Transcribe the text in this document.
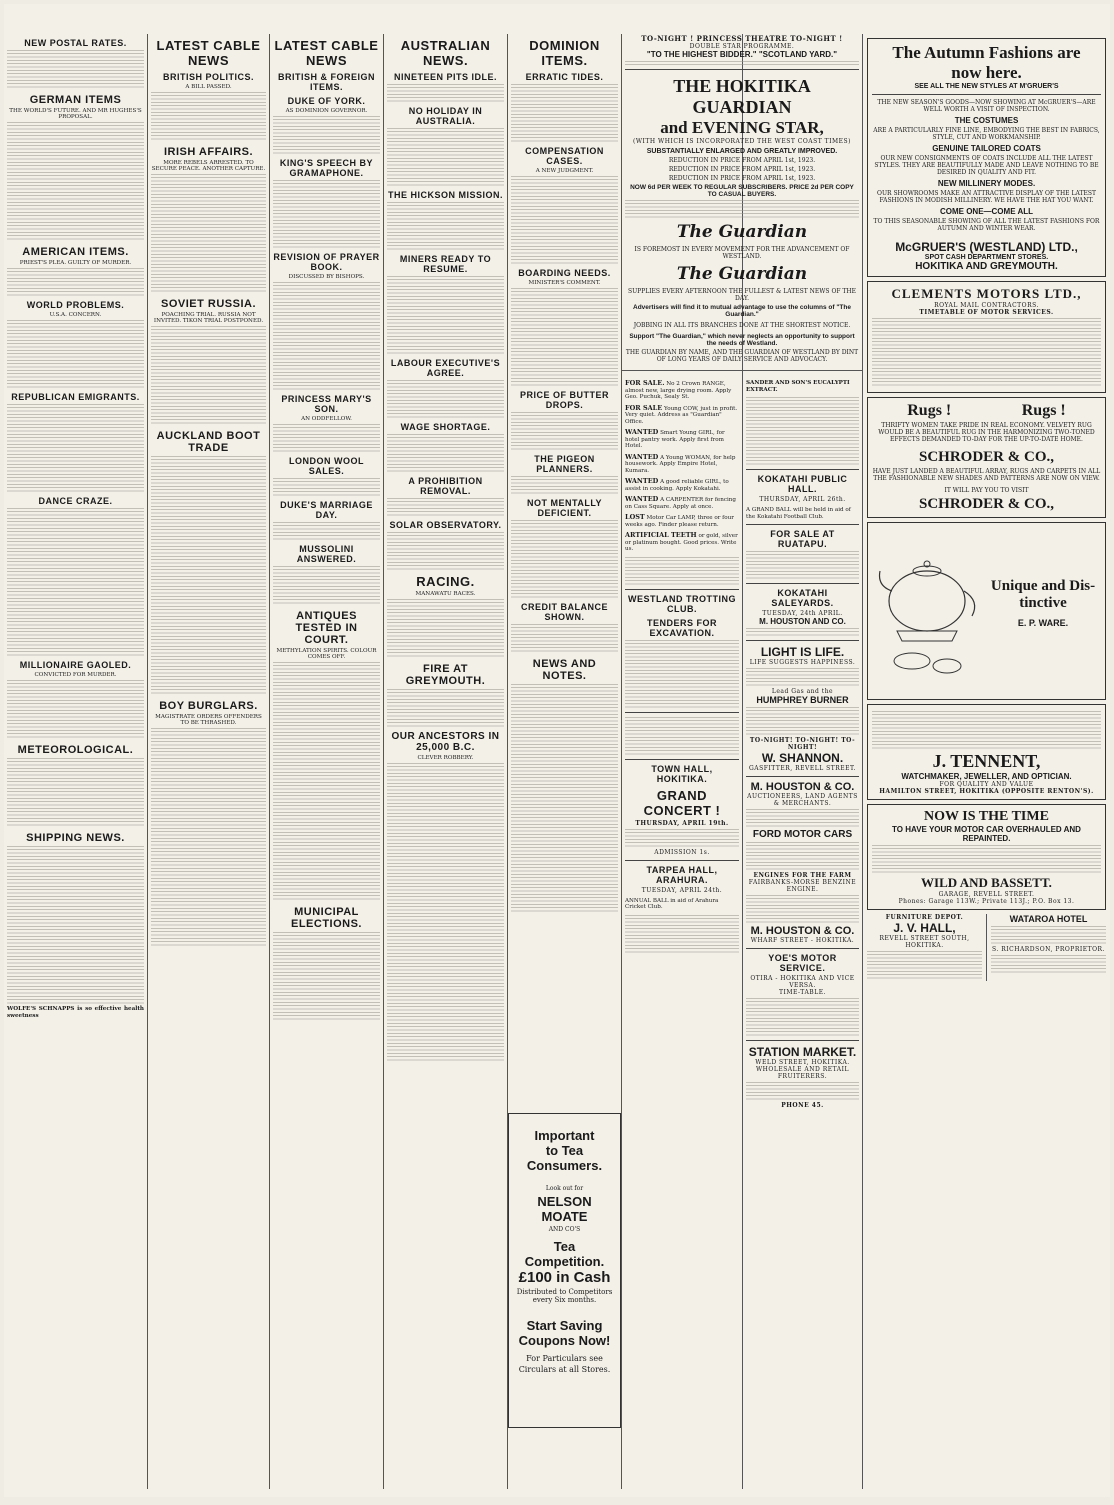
NEW POSTAL RATES.
GERMAN ITEMS
THE WORLD'S FUTURE. AND MR HUGHES'S PROPOSAL.
AMERICAN ITEMS.
PRIEST'S PLEA. GUILTY OF MURDER.
WORLD PROBLEMS.
U.S.A. CONCERN.
REPUBLICAN EMIGRANTS.
DANCE CRAZE.
MILLIONAIRE GAOLED.
CONVICTED FOR MURDER.
METEOROLOGICAL.
SHIPPING NEWS.
WOLFE'S SCHNAPPS is so effective health sweetness
LATEST CABLE NEWS
BRITISH POLITICS.
A BILL PASSED.
IRISH AFFAIRS.
MORE REBELS ARRESTED. TO SECURE PEACE. ANOTHER CAPTURE.
SOVIET RUSSIA.
POACHING TRIAL. RUSSIA NOT INVITED. TIKON TRIAL POSTPONED.
AUCKLAND BOOT TRADE
BOY BURGLARS.
MAGISTRATE ORDERS OFFENDERS TO BE THRASHED.
LATEST CABLE NEWS
BRITISH & FOREIGN ITEMS.
DUKE OF YORK.
AS DOMINION GOVERNOR.
KING'S SPEECH BY GRAMAPHONE.
REVISION OF PRAYER BOOK.
DISCUSSED BY BISHOPS.
PRINCESS MARY'S SON.
AN ODDFELLOW.
LONDON WOOL SALES.
DUKE'S MARRIAGE DAY.
MUSSOLINI ANSWERED.
ANTIQUES TESTED IN COURT.
METHYLATION SPIRITS. COLOUR COMES OFF.
MUNICIPAL ELECTIONS.
AUSTRALIAN NEWS.
NINETEEN PITS IDLE.
NO HOLIDAY IN AUSTRALIA.
THE HICKSON MISSION.
MINERS READY TO RESUME.
LABOUR EXECUTIVE'S AGREE.
WAGE SHORTAGE.
A PROHIBITION REMOVAL.
SOLAR OBSERVATORY.
RACING.
MANAWATU RACES.
FIRE AT GREYMOUTH.
OUR ANCESTORS IN 25,000 B.C.
CLEVER ROBBERY.
DOMINION ITEMS.
ERRATIC TIDES.
COMPENSATION CASES.
A NEW JUDGMENT.
BOARDING NEEDS.
MINISTER'S COMMENT.
PRICE OF BUTTER DROPS.
THE PIGEON PLANNERS.
NOT MENTALLY DEFICIENT.
CREDIT BALANCE SHOWN.
NEWS AND NOTES.
Important
to Tea
Consumers.
Look out for
NELSON MOATE
AND CO'S
Tea Competition.
£100 in Cash
Distributed to Competitors every Six months.
Start Saving
Coupons Now!
For Particulars see
Circulars at all Stores.
TO-NIGHT ! PRINCESS THEATRE TO-NIGHT !
DOUBLE STAR PROGRAMME.
"TO THE HIGHEST BIDDER." "SCOTLAND YARD."
THE HOKITIKA GUARDIAN
and EVENING STAR,
(WITH WHICH IS INCORPORATED THE WEST COAST TIMES)
SUBSTANTIALLY ENLARGED AND GREATLY IMPROVED.
REDUCTION IN PRICE FROM APRIL 1st, 1923.
REDUCTION IN PRICE FROM APRIL 1st, 1923.
REDUCTION IN PRICE FROM APRIL 1st, 1923.
NOW 6d PER WEEK TO REGULAR SUBSCRIBERS. PRICE 2d PER COPY TO CASUAL BUYERS.
The Guardian
IS FOREMOST IN EVERY MOVEMENT FOR THE ADVANCEMENT OF WESTLAND.
The Guardian
SUPPLIES EVERY AFTERNOON THE FULLEST & LATEST NEWS OF THE DAY.
Advertisers will find it to mutual advantage to use the columns of "The Guardian."
JOBBING IN ALL ITS BRANCHES DONE AT THE SHORTEST NOTICE.
Support "The Guardian," which never neglects an opportunity to support the needs of Westland.
THE GUARDIAN BY NAME, AND THE GUARDIAN OF WESTLAND BY DINT OF LONG YEARS OF DAILY SERVICE AND ADVOCACY.
FOR SALE. No 2 Crown RANGE, almost new, large drying room. Apply Geo. Puchuk, Sealy St.
FOR SALE Young COW, just in profit. Very quiet. Address as "Guardian" Office.
WANTED Smart Young GIRL, for hotel pantry work. Apply first from Hotel.
WANTED A Young WOMAN, for help housework. Apply Empire Hotel, Kumara.
WANTED A good reliable GIRL, to assist in cooking. Apply Kokatahi.
WANTED A CARPENTER for fencing on Cass Square. Apply at once.
LOST Motor Car LAMP, three or four weeks ago. Finder please return.
ARTIFICIAL TEETH or gold, silver or platinum bought. Good prices. Write us.
WESTLAND TROTTING CLUB.
TENDERS FOR EXCAVATION.
TOWN HALL, HOKITIKA.
GRAND CONCERT !
THURSDAY, APRIL 19th.
ADMISSION 1s.
TARPEA HALL, ARAHURA.
TUESDAY, APRIL 24th.
ANNUAL BALL in aid of Arahura Cricket Club.
SANDER AND SON'S EUCALYPTI EXTRACT.
KOKATAHI PUBLIC HALL.
THURSDAY, APRIL 26th.
A GRAND BALL will be held in aid of the Kokatahi Football Club.
FOR SALE AT RUATAPU.
KOKATAHI SALEYARDS.
TUESDAY, 24th APRIL.
M. HOUSTON AND CO.
LIGHT IS LIFE.
LIFE SUGGESTS HAPPINESS.
Lead Gas and the
HUMPHREY BURNER
TO-NIGHT! TO-NIGHT! TO-NIGHT!
W. SHANNON.
GASFITTER, REVELL STREET.
M. HOUSTON & CO.
AUCTIONEERS, LAND AGENTS & MERCHANTS.
FORD MOTOR CARS
ENGINES FOR THE FARM
FAIRBANKS-MORSE BENZINE ENGINE.
M. HOUSTON & CO.
WHARF STREET - HOKITIKA.
YOE'S MOTOR SERVICE.
OTIRA - HOKITIKA AND VICE VERSA.
TIME-TABLE.
STATION MARKET.
WELD STREET, HOKITIKA.
WHOLESALE AND RETAIL FRUITERERS.
PHONE 45.
The Autumn Fashions are
now here.
SEE ALL THE NEW STYLES AT M'GRUER'S
THE NEW SEASON'S GOODS—NOW SHOWING AT McGRUER'S—ARE WELL WORTH A VISIT OF INSPECTION.
THE COSTUMES
ARE A PARTICULARLY FINE LINE, EMBODYING THE BEST IN FABRICS, STYLE, CUT AND WORKMANSHIP.
GENUINE TAILORED COATS
OUR NEW CONSIGNMENTS OF COATS INCLUDE ALL THE LATEST STYLES. THEY ARE BEAUTIFULLY MADE AND LEAVE NOTHING TO BE DESIRED IN QUALITY AND FIT.
NEW MILLINERY MODES.
OUR SHOWROOMS MAKE AN ATTRACTIVE DISPLAY OF THE LATEST FASHIONS IN MODISH MILLINERY. WE HAVE THE HAT YOU WANT.
COME ONE—COME ALL
TO THIS SEASONABLE SHOWING OF ALL THE LATEST FASHIONS FOR AUTUMN AND WINTER WEAR.
McGRUER'S (WESTLAND) LTD.,
SPOT CASH DEPARTMENT STORES.
HOKITIKA AND GREYMOUTH.
CLEMENTS MOTORS LTD.,
ROYAL MAIL CONTRACTORS.
TIMETABLE OF MOTOR SERVICES.
Rugs !	Rugs !
THRIFTY WOMEN TAKE PRIDE IN REAL ECONOMY. VELVETY RUG WOULD BE A BEAUTIFUL RUG IN THE HARMONIZING TWO-TONED EFFECTS DEMANDED TO-DAY FOR THE UP-TO-DATE HOME.
SCHRODER & CO.,
HAVE JUST LANDED A BEAUTIFUL ARRAY, RUGS AND CARPETS IN ALL THE FASHIONABLE NEW SHADES AND PATTERNS ARE NOW ON VIEW.
IT WILL PAY YOU TO VISIT
SCHRODER & CO.,
Unique and Dis-
tinctive
E. P. WARE.
J. TENNENT,
WATCHMAKER, JEWELLER, AND OPTICIAN.
FOR QUALITY AND VALUE
HAMILTON STREET, HOKITIKA (OPPOSITE RENTON'S).
NOW IS THE TIME
TO HAVE YOUR MOTOR CAR OVERHAULED AND REPAINTED.
WILD AND BASSETT.
GARAGE, REVELL STREET.
Phones: Garage 113W.; Private 113J.; P.O. Box 13.
FURNITURE DEPOT.
J. V. HALL,
REVELL STREET SOUTH, HOKITIKA.
WATAROA HOTEL
S. RICHARDSON, PROPRIETOR.
